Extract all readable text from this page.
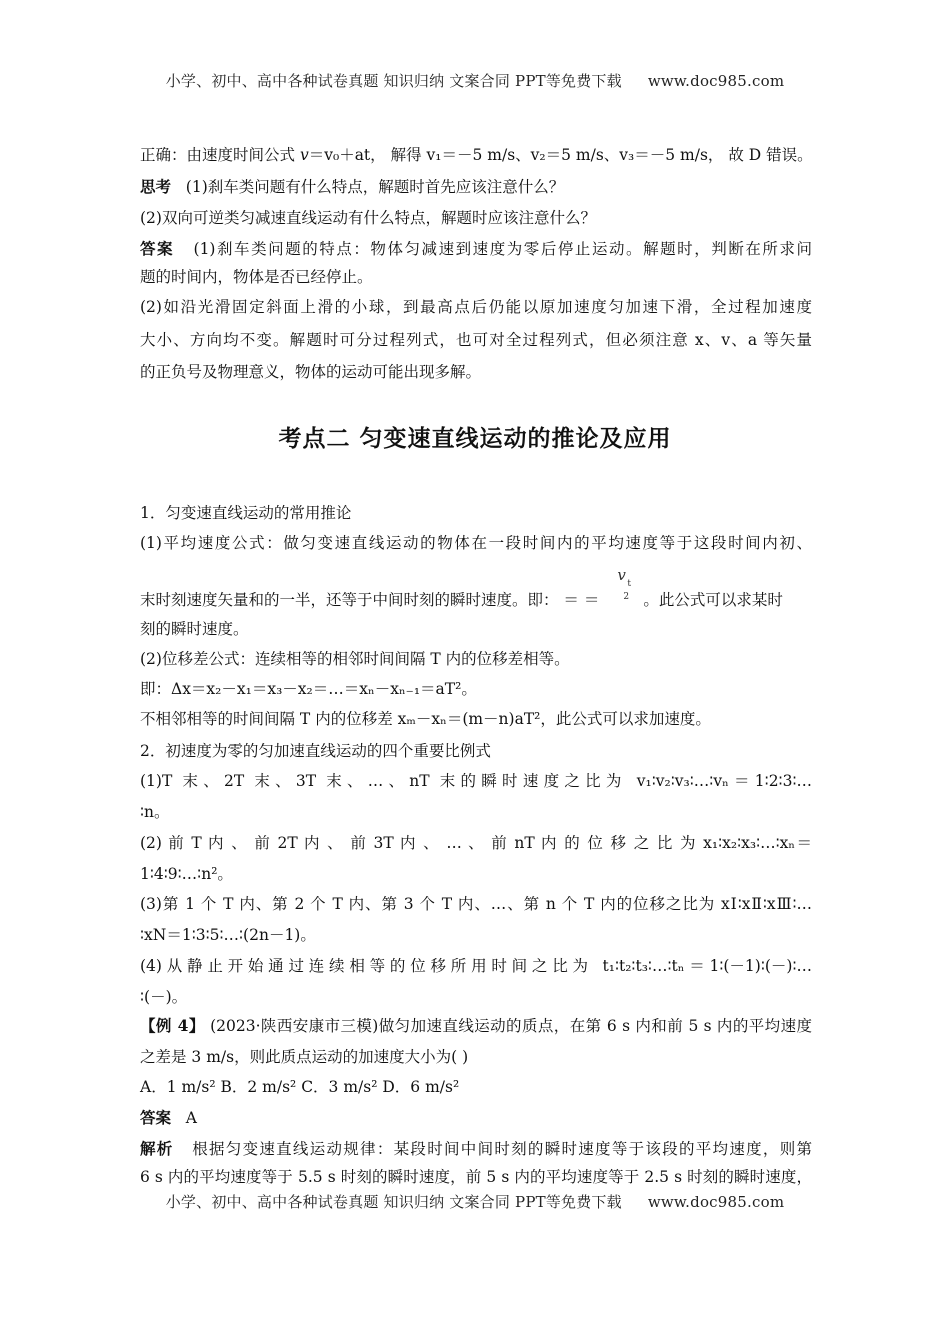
小学、初中、高中各种试卷真题 知识归纳 文案合同 PPT等免费下载 www.doc985.com
正确：由速度时间公式 v＝v₀＋at， 解得 v₁＝－5 m/s、v₂＝5 m/s、v₃＝－5 m/s， 故 D 错误。
思考 (1)刹车类问题有什么特点，解题时首先应该注意什么？
(2)双向可逆类匀减速直线运动有什么特点，解题时应该注意什么？
答案 (1)刹车类问题的特点：物体匀减速到速度为零后停止运动。解题时，判断在所求问
题的时间内，物体是否已经停止。
(2)如沿光滑固定斜面上滑的小球，到最高点后仍能以原加速度匀加速下滑，全过程加速度
大小、方向均不变。解题时可分过程列式，也可对全过程列式，但必须注意 x、v、a 等矢量
的正负号及物理意义，物体的运动可能出现多解。
考点二 匀变速直线运动的推论及应用
1．匀变速直线运动的常用推论
(1)平均速度公式：做匀变速直线运动的物体在一段时间内的平均速度等于这段时间内初、
末时刻速度矢量和的一半，还等于中间时刻的瞬时速度。即： ＝ ＝
v t
2 。此公式可以求某时
刻的瞬时速度。
(2)位移差公式：连续相等的相邻时间间隔 T 内的位移差相等。
即：Δx＝x₂－x₁＝x₃－x₂＝…＝xₙ－xₙ₋₁＝aT²。
不相邻相等的时间间隔 T 内的位移差 xₘ－xₙ＝(m－n)aT²，此公式可以求加速度。
2．初速度为零的匀加速直线运动的四个重要比例式
(1)T 末、2T 末、3T 末、…、nT 末的瞬时速度之比为 v₁∶v₂∶v₃∶…∶vₙ＝1∶2∶3∶…
∶n。
(2) 前 T 内 、 前 2T 内 、 前 3T 内 、 … 、 前 nT 内 的 位 移 之 比 为 x₁∶x₂∶x₃∶…∶xₙ＝
1∶4∶9∶…∶n²。
(3)第 1 个 T 内、第 2 个 T 内、第 3 个 T 内、…、第 n 个 T 内的位移之比为 xⅠ∶xⅡ∶xⅢ∶…
∶xN＝1∶3∶5∶…∶(2n－1)。
(4)从静止开始通过连续相等的位移所用时间之比为 t₁∶t₂∶t₃∶…∶tₙ＝1∶(－1)∶(－)∶…
∶(－)。
【例 4】 (2023·陕西安康市三模)做匀加速直线运动的质点，在第 6 s 内和前 5 s 内的平均速度
之差是 3 m/s，则此质点运动的加速度大小为( )
A．1 m/s² B．2 m/s² C．3 m/s² D．6 m/s²
答案 A
解析 根据匀变速直线运动规律：某段时间中间时刻的瞬时速度等于该段的平均速度，则第
6 s 内的平均速度等于 5.5 s 时刻的瞬时速度，前 5 s 内的平均速度等于 2.5 s 时刻的瞬时速度，
小学、初中、高中各种试卷真题 知识归纳 文案合同 PPT等免费下载 www.doc985.com
